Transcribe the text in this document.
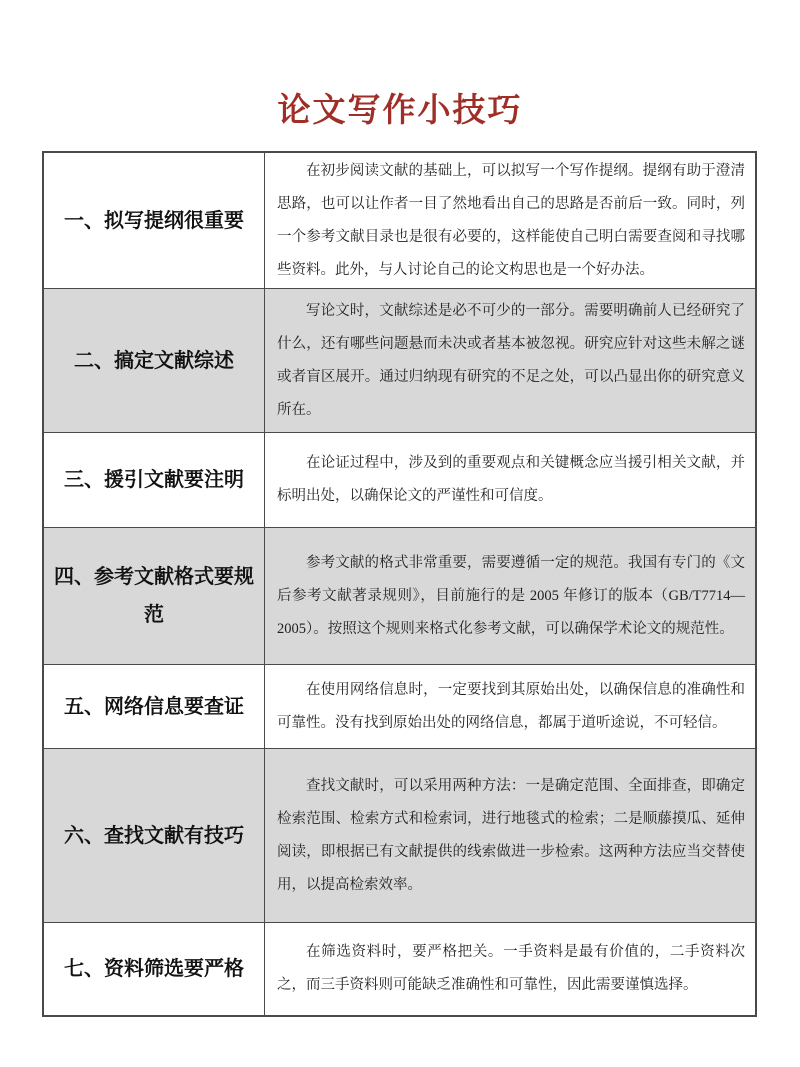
论文写作小技巧
一、拟写提纲很重要
在初步阅读文献的基础上，可以拟写一个写作提纲。提纲有助于澄清思路，也可以让作者一目了然地看出自己的思路是否前后一致。同时，列一个参考文献目录也是很有必要的，这样能使自己明白需要查阅和寻找哪些资料。此外，与人讨论自己的论文构思也是一个好办法。
二、搞定文献综述
写论文时，文献综述是必不可少的一部分。需要明确前人已经研究了什么，还有哪些问题悬而未决或者基本被忽视。研究应针对这些未解之谜或者盲区展开。通过归纳现有研究的不足之处，可以凸显出你的研究意义所在。
三、援引文献要注明
在论证过程中，涉及到的重要观点和关键概念应当援引相关文献，并标明出处，以确保论文的严谨性和可信度。
四、参考文献格式要规范
参考文献的格式非常重要，需要遵循一定的规范。我国有专门的《文后参考文献著录规则》，目前施行的是 2005 年修订的版本（GB/T7714—2005）。按照这个规则来格式化参考文献，可以确保学术论文的规范性。
五、网络信息要查证
在使用网络信息时，一定要找到其原始出处，以确保信息的准确性和可靠性。没有找到原始出处的网络信息，都属于道听途说，不可轻信。
六、查找文献有技巧
查找文献时，可以采用两种方法：一是确定范围、全面排查，即确定检索范围、检索方式和检索词，进行地毯式的检索；二是顺藤摸瓜、延伸阅读，即根据已有文献提供的线索做进一步检索。这两种方法应当交替使用，以提高检索效率。
七、资料筛选要严格
在筛选资料时，要严格把关。一手资料是最有价值的，二手资料次之，而三手资料则可能缺乏准确性和可靠性，因此需要谨慎选择。
